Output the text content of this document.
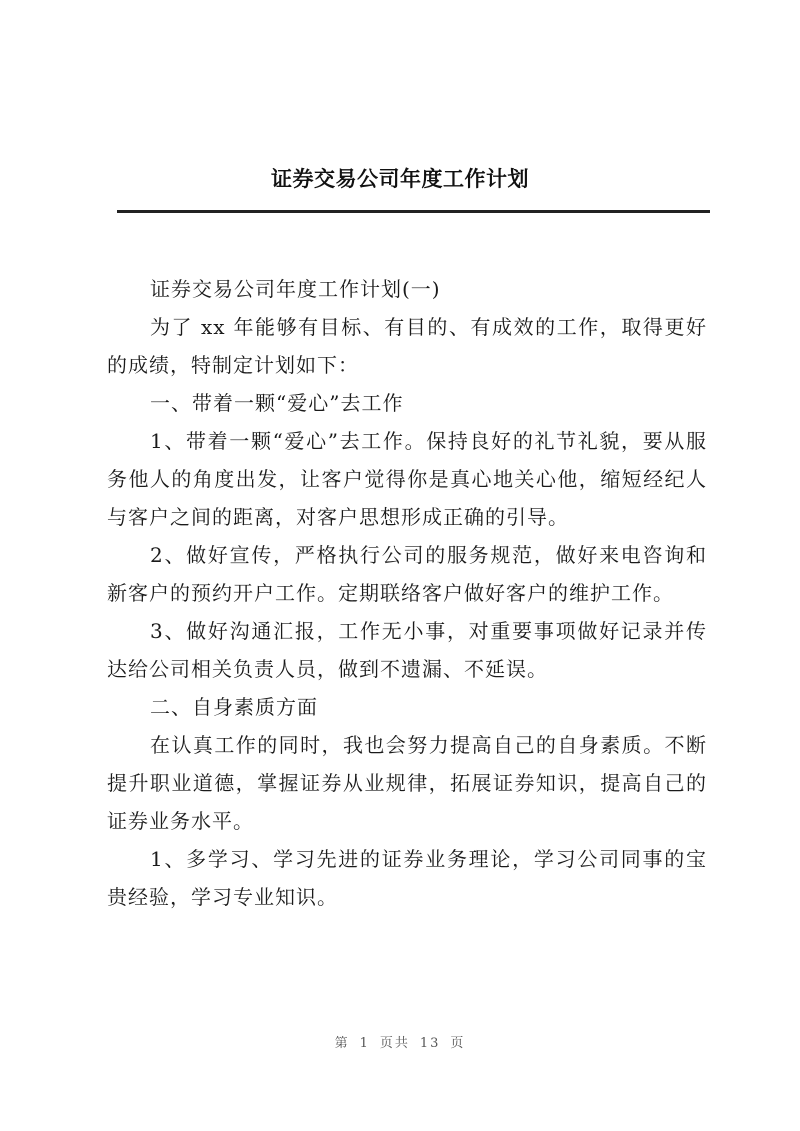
证券交易公司年度工作计划

证券交易公司年度工作计划(一)

为了 xx 年能够有目标、有目的、有成效的工作，取得更好的成绩，特制定计划如下：

一、带着一颗“爱心”去工作

1、带着一颗“爱心”去工作。保持良好的礼节礼貌，要从服务他人的角度出发，让客户觉得你是真心地关心他，缩短经纪人与客户之间的距离，对客户思想形成正确的引导。

2、做好宣传，严格执行公司的服务规范，做好来电咨询和新客户的预约开户工作。定期联络客户做好客户的维护工作。

3、做好沟通汇报，工作无小事，对重要事项做好记录并传达给公司相关负责人员，做到不遗漏、不延误。

二、自身素质方面

在认真工作的同时，我也会努力提高自己的自身素质。不断提升职业道德，掌握证券从业规律，拓展证券知识，提高自己的证券业务水平。

1、多学习、学习先进的证券业务理论，学习公司同事的宝贵经验，学习专业知识。

第 1 页共 13 页
